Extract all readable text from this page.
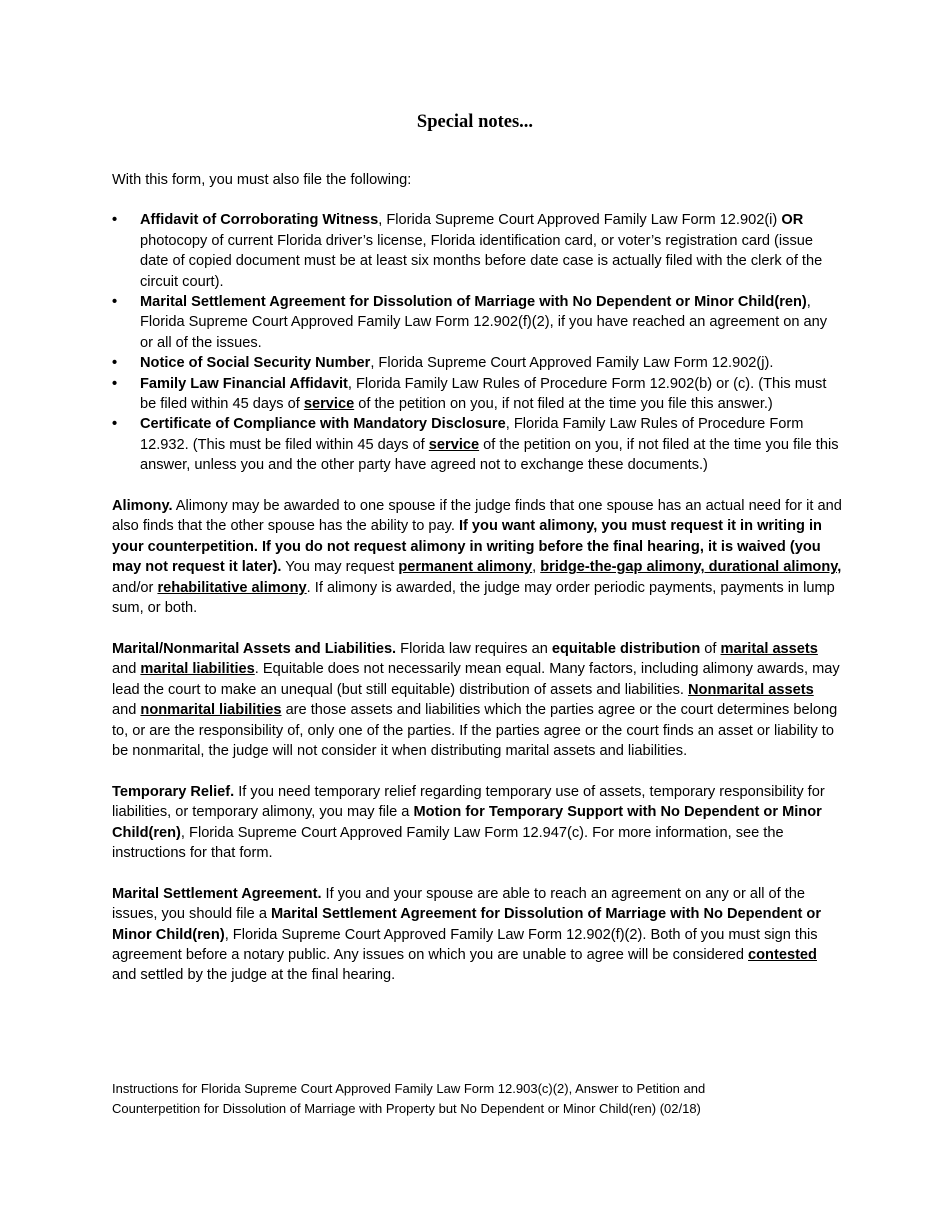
Special notes...

With this form, you must also file the following:

• Affidavit of Corroborating Witness, Florida Supreme Court Approved Family Law Form 12.902(i) OR photocopy of current Florida driver’s license, Florida identification card, or voter’s registration card (issue date of copied document must be at least six months before date case is actually filed with the clerk of the circuit court).
• Marital Settlement Agreement for Dissolution of Marriage with No Dependent or Minor Child(ren), Florida Supreme Court Approved Family Law Form 12.902(f)(2), if you have reached an agreement on any or all of the issues.
• Notice of Social Security Number, Florida Supreme Court Approved Family Law Form 12.902(j).
• Family Law Financial Affidavit, Florida Family Law Rules of Procedure Form 12.902(b) or (c). (This must be filed within 45 days of service of the petition on you, if not filed at the time you file this answer.)
• Certificate of Compliance with Mandatory Disclosure, Florida Family Law Rules of Procedure Form 12.932. (This must be filed within 45 days of service of the petition on you, if not filed at the time you file this answer, unless you and the other party have agreed not to exchange these documents.)

Alimony. Alimony may be awarded to one spouse if the judge finds that one spouse has an actual need for it and also finds that the other spouse has the ability to pay. If you want alimony, you must request it in writing in your counterpetition. If you do not request alimony in writing before the final hearing, it is waived (you may not request it later). You may request permanent alimony, bridge-the-gap alimony, durational alimony, and/or rehabilitative alimony. If alimony is awarded, the judge may order periodic payments, payments in lump sum, or both.

Marital/Nonmarital Assets and Liabilities. Florida law requires an equitable distribution of marital assets and marital liabilities. Equitable does not necessarily mean equal. Many factors, including alimony awards, may lead the court to make an unequal (but still equitable) distribution of assets and liabilities. Nonmarital assets and nonmarital liabilities are those assets and liabilities which the parties agree or the court determines belong to, or are the responsibility of, only one of the parties. If the parties agree or the court finds an asset or liability to be nonmarital, the judge will not consider it when distributing marital assets and liabilities.

Temporary Relief. If you need temporary relief regarding temporary use of assets, temporary responsibility for liabilities, or temporary alimony, you may file a Motion for Temporary Support with No Dependent or Minor Child(ren), Florida Supreme Court Approved Family Law Form 12.947(c). For more information, see the instructions for that form.

Marital Settlement Agreement. If you and your spouse are able to reach an agreement on any or all of the issues, you should file a Marital Settlement Agreement for Dissolution of Marriage with No Dependent or Minor Child(ren), Florida Supreme Court Approved Family Law Form 12.902(f)(2). Both of you must sign this agreement before a notary public. Any issues on which you are unable to agree will be considered contested and settled by the judge at the final hearing.

Instructions for Florida Supreme Court Approved Family Law Form 12.903(c)(2), Answer to Petition and
Counterpetition for Dissolution of Marriage with Property but No Dependent or Minor Child(ren) (02/18)
